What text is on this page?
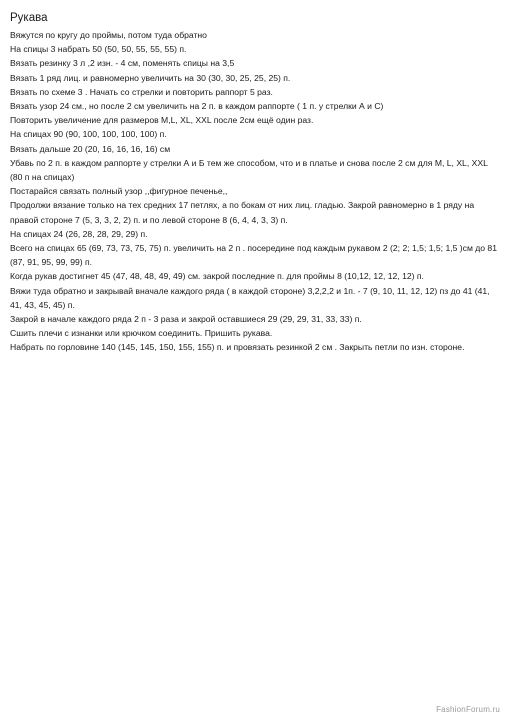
Рукава

Вяжутся по кругу до проймы, потом туда обратно

На спицы 3 набрать 50 (50, 50, 55, 55, 55) п.

Вязать резинку 3 л ,2 изн. - 4 см, поменять спицы на 3,5

Вязать 1 ряд лиц. и равномерно увеличить на 30 (30, 30, 25, 25, 25) п.

Вязать по схеме 3 . Начать со стрелки и повторить раппорт 5 раз.

Вязать узор 24 см., но после 2 см увеличить на 2 п. в каждом раппорте ( 1 п. у стрелки А и С)

Повторить увеличение для размеров M,L, XL, XXL после 2см ещё один раз.

На спицах 90 (90, 100, 100, 100, 100) п.

Вязать дальше 20 (20, 16, 16, 16, 16) см

Убавь по 2 п. в каждом раппорте у стрелки А и Б тем же способом, что и в платье и снова после 2 см для M, L, XL, XXL (80 п на спицах)

Постарайся связать полный узор ,,фигурное печенье,,

Продолжи вязание только на тех средних 17 петлях, а по бокам от них лиц. гладью. Закрой равномерно в 1 ряду на правой стороне 7 (5, 3, 3, 2, 2) п. и по левой стороне 8 (6, 4, 4, 3, 3) п.

На спицах 24 (26, 28, 28, 29, 29) п.

Всего на спицах 65 (69, 73, 73, 75, 75) п. увеличить на 2 п . посередине под каждым рукавом 2 (2; 2; 1,5; 1,5; 1,5 )см до 81 (87, 91, 95, 99, 99) п.

Когда рукав достигнет 45 (47, 48, 48, 49, 49) см. закрой последние п. для проймы 8 (10,12, 12, 12, 12) п.

Вяжи туда обратно и закрывай вначале каждого ряда ( в каждой стороне) 3,2,2,2 и 1п. - 7 (9, 10, 11, 12, 12) пз до 41 (41, 41, 43, 45, 45) п.

Закрой в начале каждого ряда 2 п - 3 раза и закрой оставшиеся 29 (29, 29, 31, 33, 33) п.

Сшить плечи с изнанки или крючком соединить. Пришить рукава.

Набрать по горловине 140 (145, 145, 150, 155, 155) п. и провязать резинкой 2 см . Закрыть петли по изн. стороне.

FashionForum.ru
